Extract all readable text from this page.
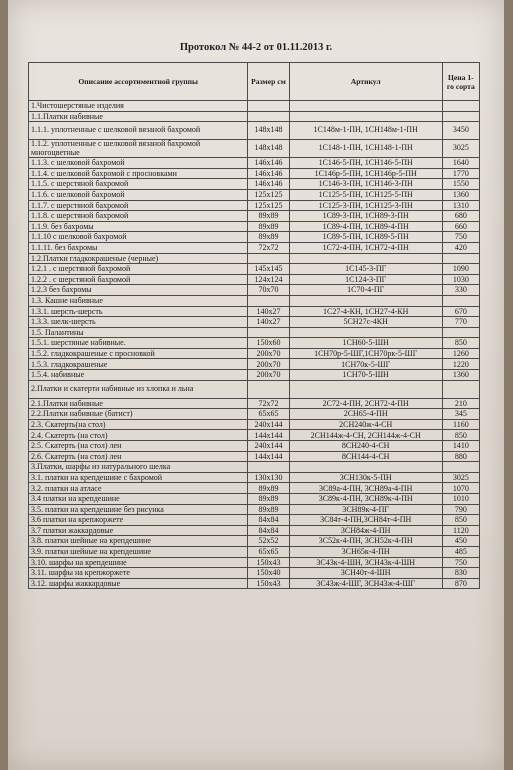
Протокол № 44-2 от 01.11.2013 г.
Описание ассортиментной группы	Размер см	Артикул	Цена 1-го сорта
1.Чистошерстяные изделия			
1.1.Платки набивные			
1.1.1. уплотненные с шелковой вязаной бахромой	148x148	1С148м-1-ПН, 1СН148м-1-ПН	3450
1.1.2. уплотненные с шелковой вязаной бахромой многоцветные	148x148	1С148-1-ПН, 1СН148-1-ПН	3025
1.1.3. с шелковой бахромой	146x146	1С146-5-ПН, 1СН146-5-ПН	1640
1.1.4. с шелковой бахромой с просновками	146x146	1С146р-5-ПН, 1СН146р-5-ПН	1770
1.1.5. с шерстяной бахромой	146x146	1С146-3-ПН, 1СН146-3-ПН	1550
1.1.6. с шелковой бахромой	125x125	1С125-5-ПН, 1СН125-5-ПН	1360
1.1.7. с шерстяной бахромой	125x125	1С125-3-ПН, 1СН125-3-ПН	1310
1.1.8. с шерстяной бахромой	89x89	1С89-3-ПН, 1СН89-3-ПН	680
1.1.9. без бахромы	89x89	1С89-4-ПН, 1СН89-4-ПН	660
1.1.10 с шелковой бахромой	89x89	1С89-5-ПН, 1СН89-5-ПН	750
1.1.11. без бахромы	72x72	1С72-4-ПН, 1СН72-4-ПН	420
1.2.Платки гладкокрашеные (черные)			
1.2.1 . с шерстяной бахромой	145x145	1С145-3-ПГ	1090
1.2.2 . с шерстяной бахромой	124x124	1С124-3-ПГ	1030
1.2.3 без бахромы	70x70	1С70-4-ПГ	330
1.3. Кашне набивные			
1.3.1. шерсть-шерсть	140x27	1С27-4-КН, 1СН27-4-КН	670
1.3.3. шелк-шерсть	140x27	5СН27с-4КН	770
1.5. Палантины			
1.5.1. шерстяные набивные.	150x60	1СН60-5-ШН	850
1.5.2. гладкокрашеные с просновкой	200x70	1СН70р-5-ШГ,1СН70рк-5-ШГ	1260
1.5.3. гладкокрашеные	200x70	1СН70к-5-ШГ	1220
1.5.4. набивные	200x70	1СН70-5-ШН	1360
2.Платки и скатерти набивные из хлопка и льна			
2.1.Платки набивные	72x72	2С72-4-ПН, 2СН72-4-ПН	210
2.2.Платки набивные (батист)	65x65	2СН65-4-ПН	345
2.3. Скатерть(на стол)	240x144	2СН240ж-4-СН	1160
2.4. Скатерть (на стол)	144x144	2СН144ж-4-СН, 2СН144ж-4-СН	850
2.5. Скатерть (на стол) лен	240x144	8СН240-4-СН	1410
2.6. Скатерть (на стол) лен	144x144	8СН144-4-СН	880
3.Платки, шарфы из натурального шелка			
3.1. платки на крепдешине с бахромой	130x130	3СН130к-5-ПН	3025
3.2. платки на атласе	89x89	3С89а-4-ПН, 3СН89а-4-ПН	1070
3.4 платки на крепдешине	89x89	3С89к-4-ПН, 3СН89к-4-ПН	1010
3.5. платки на крепдешине без рисунка	89x89	3СН89к-4-ПГ	790
3.6 платки на крепжоржете	84x84	3С84т-4-ПН,3СН84т-4-ПН	850
3.7 платки жаккардовые	84x84	3СН84ж-4-ПН	1120
3.8. платки шейные на крепдешине	52x52	3С52к-4-ПН, 3СН52к-4-ПН	450
3.9. платки шейные на крепдешине	65x65	3СН65к-4-ПН	485
3.10. шарфы на крепдешине	150x43	3С43к-4-ШН, 3СН43к-4-ШН	750
3.11. шарфы на крепжоржете	150x40	3СН40т-4-ШН	830
3.12. шарфы жаккардовые	150x43	3С43ж-4-ШГ, 3СН43ж-4-ШГ	870
